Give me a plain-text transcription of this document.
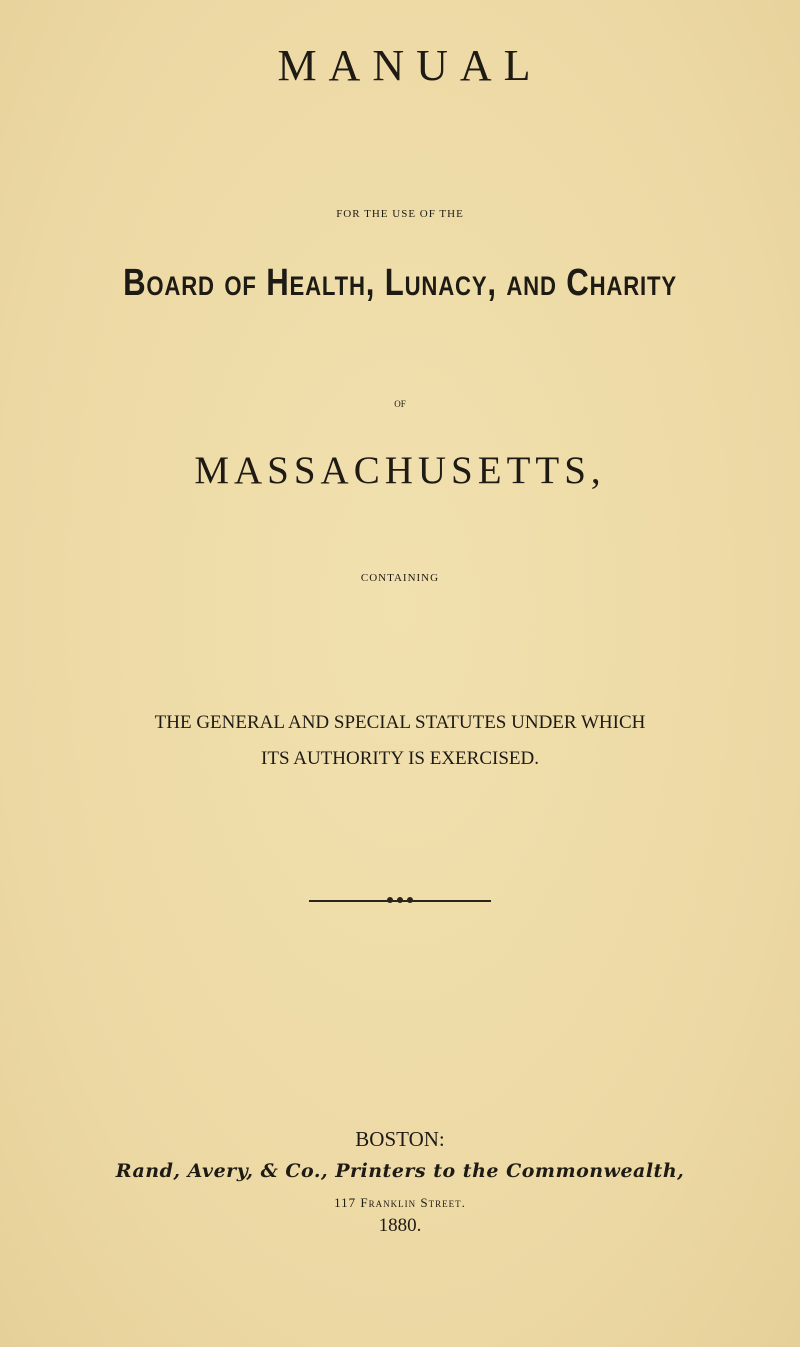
MANUAL
FOR THE USE OF THE
Board of Health, Lunacy, and Charity
OF
MASSACHUSETTS,
CONTAINING
THE GENERAL AND SPECIAL STATUTES UNDER WHICH
ITS AUTHORITY IS EXERCISED.
BOSTON:
Rand, Avery, & Co., Printers to the Commonwealth,
117 Franklin Street.
1880.
